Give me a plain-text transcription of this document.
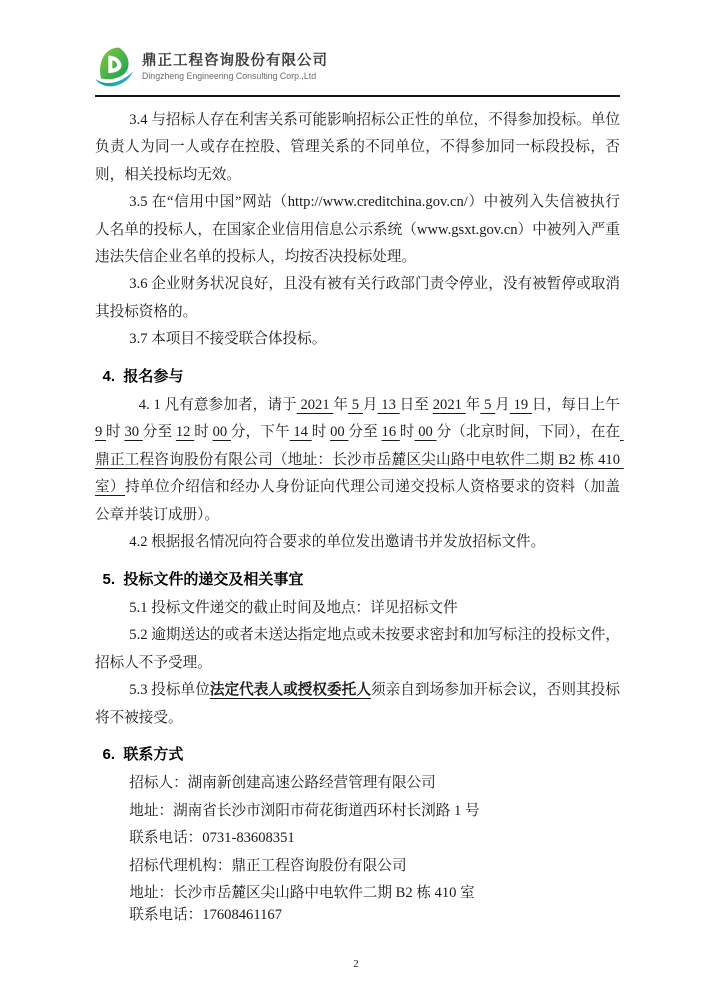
鼎正工程咨询股份有限公司
Dingzheng Engineering Consulting Corp.,Ltd

3.4 与招标人存在利害关系可能影响招标公正性的单位，不得参加投标。单位负责人为同一人或存在控股、管理关系的不同单位，不得参加同一标段投标，否则，相关投标均无效。

3.5 在“信用中国”网站（http://www.creditchina.gov.cn/）中被列入失信被执行人名单的投标人，在国家企业信用信息公示系统（www.gsxt.gov.cn）中被列入严重违法失信企业名单的投标人，均按否决投标处理。

3.6 企业财务状况良好，且没有被有关行政部门责令停业，没有被暂停或取消其投标资格的。

3.7 本项目不接受联合体投标。

4.  报名参与

4. 1 凡有意参加者，请于 2021 年 5 月 13 日至 2021 年 5 月 19 日，每日上午 9 时 30 分至 12 时 00 分，下午 14 时 00 分至 16 时 00 分（北京时间，下同），在在 鼎正工程咨询股份有限公司（地址：长沙市岳麓区尖山路中电软件二期 B2 栋 410 室）持单位介绍信和经办人身份证向代理公司递交投标人资格要求的资料（加盖公章并装订成册）。

4.2 根据报名情况向符合要求的单位发出邀请书并发放招标文件。

5.  投标文件的递交及相关事宜

5.1 投标文件递交的截止时间及地点：详见招标文件

5.2 逾期送达的或者未送达指定地点或未按要求密封和加写标注的投标文件，招标人不予受理。

5.3 投标单位法定代表人或授权委托人须亲自到场参加开标会议，否则其投标将不被接受。

6.  联系方式

招标人：湖南新创建高速公路经营管理有限公司

地址：湖南省长沙市浏阳市荷花街道西环村长浏路 1 号

联系电话：0731-83608351

招标代理机构：鼎正工程咨询股份有限公司

地址：长沙市岳麓区尖山路中电软件二期 B2 栋 410 室

联系电话：17608461167

2
